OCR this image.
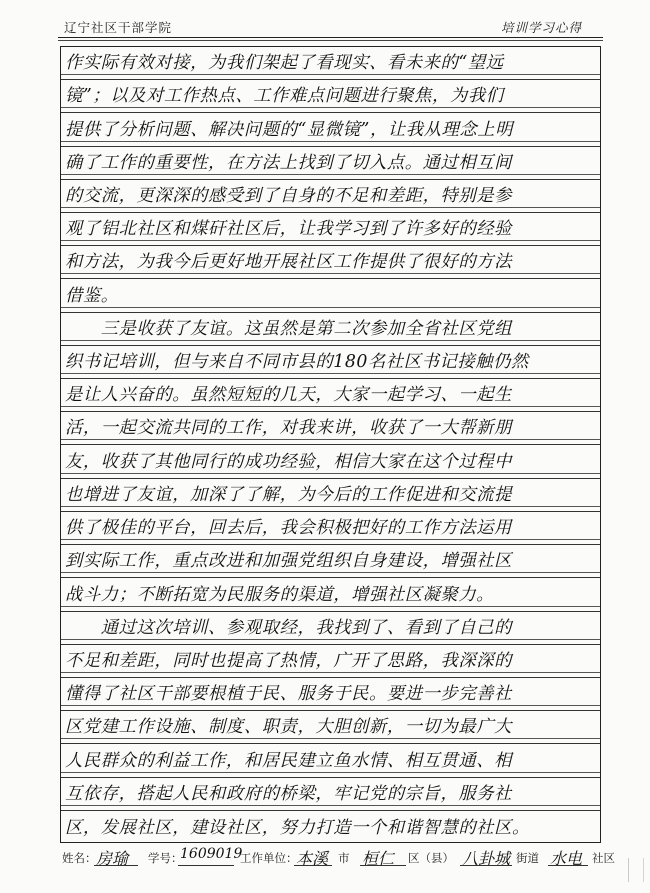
辽宁社区干部学院	培训学习心得
作实际有效对接，为我们架起了看现实、看未来的“望远
镜”；以及对工作热点、工作难点问题进行聚焦，为我们
提供了分析问题、解决问题的“显微镜”，让我从理念上明
确了工作的重要性，在方法上找到了切入点。通过相互间
的交流，更深深的感受到了自身的不足和差距，特别是参
观了铝北社区和煤矸社区后，让我学习到了许多好的经验
和方法，为我今后更好地开展社区工作提供了很好的方法
借鉴。
　　三是收获了友谊。这虽然是第二次参加全省社区党组
织书记培训，但与来自不同市县的180名社区书记接触仍然
是让人兴奋的。虽然短短的几天，大家一起学习、一起生
活，一起交流共同的工作，对我来讲，收获了一大帮新朋
友，收获了其他同行的成功经验，相信大家在这个过程中
也增进了友谊，加深了了解，为今后的工作促进和交流提
供了极佳的平台，回去后，我会积极把好的工作方法运用
到实际工作，重点改进和加强党组织自身建设，增强社区
战斗力；不断拓宽为民服务的渠道，增强社区凝聚力。
　　通过这次培训、参观取经，我找到了、看到了自己的
不足和差距，同时也提高了热情，广开了思路，我深深的
懂得了社区干部要根植于民、服务于民。要进一步完善社
区党建工作设施、制度、职责，大胆创新，一切为最广大
人民群众的利益工作，和居民建立鱼水情、相互贯通、相
互依存，搭起人民和政府的桥梁，牢记党的宗旨，服务社
区，发展社区，建设社区，努力打造一个和谐智慧的社区。
姓名： 房瑜 学号：
1609019
工作单位：
本溪 市 桓仁 区（县） 八卦城 街道 水电 社区
